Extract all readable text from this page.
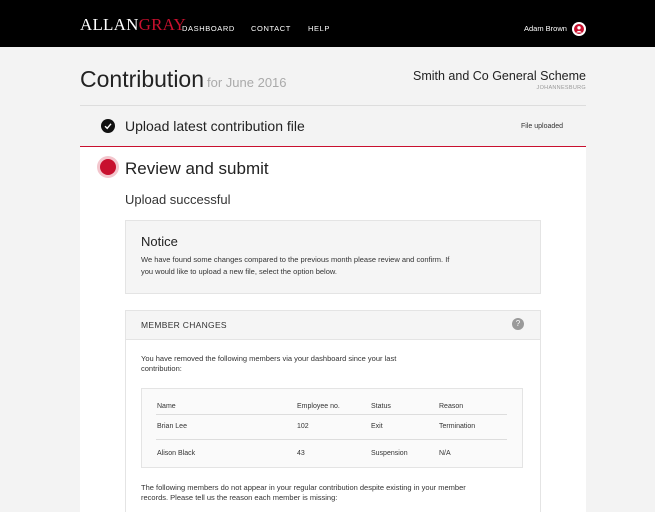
ALLANGRAY
DASHBOARD CONTACT HELP	Adam Brown
Contribution for June 2016	Smith and Co General Scheme
JOHANNESBURG
Upload latest contribution file	File uploaded
Review and submit
Upload successful
Notice
We have found some changes compared to the previous month please review and confirm. If you would like to upload a new file, select the option below.
MEMBER CHANGES	?
You have removed the following members via your dashboard since your last contribution:
Name	Employee no.	Status	Reason
Brian Lee	102	Exit	Termination
Alison Black	43	Suspension	N/A
The following members do not appear in your regular contribution despite existing in your member records. Please tell us the reason each member is missing:
